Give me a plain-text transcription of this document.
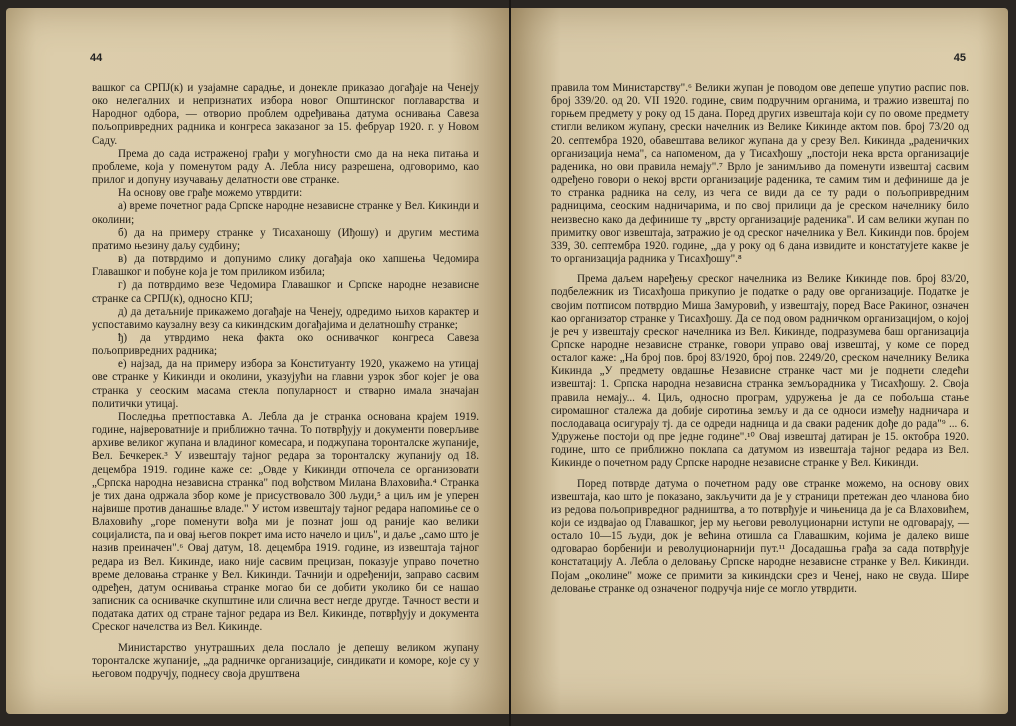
44

вашког са СРПЈ(к) и узајамне сарадње, и донекле приказао догађаје на Ченеју око нелегалних и непризнатих избора новог Општинског поглаварства и Народног одбора, — отворио проблем одређивања датума оснивања Савеза пољопривредних радника и конгреса заказаног за 15. фебруар 1920. г. у Новом Саду.

Према до сада истраженој грађи у могућности смо да на нека питања и проблеме, која у поменутом раду А. Лебла нису разрешена, одговоримо, као прилог и допуну изучавању делатности ове странке.

На основу ове грађе можемо утврдити:

а) време почетног рада Српске народне независне странке у Вел. Кикинди и околини;

б) да на примеру странке у Тисаханошу (Иђошу) и другим местима пратимо њезину даљу судбину;

в) да потврдимо и допунимо слику догађаја око хапшења Чедомира Главашког и побуне која је том приликом избила;

г) да потврдимо везе Чедомира Главашког и Српске народне независне странке са СРПЈ(к), односно КПЈ;

д) да детаљније прикажемо догађаје на Ченеју, одредимо њихов карактер и успоставимо каузалну везу са кикиндским догађајима и делатношћу странке;

ђ) да утврдимо нека факта око оснивачког конгреса Савеза пољопривредних радника;

е) најзад, да на примеру избора за Конституанту 1920, укажемо на утицај ове странке у Кикинди и околини, указујући на главни узрок због којег је ова странка у сеоским масама стекла популарност и стварно имала значајан политички утицај.

Последња претпоставка А. Лебла да је странка основана крајем 1919. године, највероватније и приближно тачна. То потврђују и документи поверљиве архиве великог жупана и владиног комесара, и поджупана торонталске жупаније, Вел. Бечкерек.³ У извештају тајног редара за торонталску жупанију од 18. децембра 1919. године каже се: „Овде у Кикинди отпочела се организовати „Српска народна независна странка" под вођством Милана Влаховића.⁴ Странка је тих дана одржала збор коме је присуствовало 300 људи,⁵ а циљ им је уперен највише против данашње владе." У истом извештају тајног редара напомиње се о Влаховићу „горе поменути вођа ми је познат још од раније као велики социјалиста, па и овај његов покрет има исто начело и циљ", и даље „само што је назив преиначен".⁶ Овај датум, 18. децембра 1919. године, из извештаја тајног редара из Вел. Кикинде, иако није сасвим прецизан, показује управо почетно време деловања странке у Вел. Кикинди. Тачнији и одређенији, заправо сасвим одређен, датум оснивања странке могао би се добити уколико би се нашао записник са оснивачке скупштине или слична вест негде другде. Тачност вести и података датих од стране тајног редара из Вел. Кикинде, потврђују и документа Среског начелства из Вел. Кикинде.

Министарство унутрашњих дела послало је депешу великом жупану торонталске жупаније, „да радничке организације, синдикати и коморе, које су у његовом подручју, поднесу своја друштвена

45

правила том Министарству".⁶ Велики жупан је поводом ове депеше упутио распис пов. број 339/20. од 20. VII 1920. године, свим подручним органима, и тражио извештај по горњем предмету у року од 15 дана. Поред других извештаја који су по овоме предмету стигли великом жупану, срески начелник из Велике Кикинде актом пов. број 73/20 од 20. септембра 1920, обавештава великог жупана да у срезу Вел. Кикинда „раденичких организација нема", са напоменом, да у Тисахђошу „постоји нека врста организације раденика, но ови правила немају".⁷ Врло је занимљиво да поменути извештај сасвим одређено говори о некој врсти организације раденика, те самим тим и дефинише да је то странка радника на селу, из чега се види да се ту ради о пољопривредним радницима, сеоским надничарима, и по свој прилици да је среском начелнику било неизвесно како да дефинише ту „врсту организације раденика". И сам велики жупан по примитку овог извештаја, затражио је од среског начелника у Вел. Кикинди пов. бројем 339, 30. септембра 1920. године, „да у року од 6 дана извидите и констатујете какве је то организација радника у Тисахђошу".⁸

Према даљем наређењу среског начелника из Велике Кикинде пов. број 83/20, подбележник из Тисахђоша прикупио је податке о раду ове организације. Податке је својим потписом потврдио Миша Замуровић, у извештају, поред Васе Ракиног, означен као организатор странке у Тисахђошу. Да се под овом радничком организацијом, о којој је реч у извештају среског начелника из Вел. Кикинде, подразумева баш организација Српске народне независне странке, говори управо овај извештај, у коме се поред осталог каже: „На број пов. број 83/1920, број пов. 2249/20, среском начелнику Велика Кикинда „У предмету овдашње Независне странке част ми је поднети следећи извештај: 1. Српска народна независна странка земљорадника у Тисахђошу. 2. Своја правила немају... 4. Циљ, односно програм, удружења је да се побољша стање сиромашног сталежа да добије сиротиња земљу и да се односи између надничара и послодаваца осигурају тј. да се одреди надница и да сваки раденик дође до рада"⁹ ... 6. Удружење постоји од пре једне године".¹⁰ Овај извештај датиран је 15. октобра 1920. године, што се приближно поклапа са датумом из извештаја тајног редара из Вел. Кикинде о почетном раду Српске народне независне странке у Вел. Кикинди.

Поред потврде датума о почетном раду ове странке можемо, на основу ових извештаја, као што је показано, закључити да је у страници претежан део чланова био из редова пољопривредног радништва, а то потврђује и чињеница да је са Влаховићем, који се издвајао од Главашког, јер му његови револуционарни иступи не одговарају, — остало 10—15 људи, док је већина отишла са Главашким, којима је далеко више одговарао борбенији и револуционарнији пут.¹¹ Досадашња грађа за сада потврђује констатацију А. Лебла о деловању Српске народне независне странке у Вел. Кикинди. Појам „околине" може се примити за кикиндски срез и Ченеј, нако не свуда. Шире деловање странке од означеног подручја није се могло утврдити.
